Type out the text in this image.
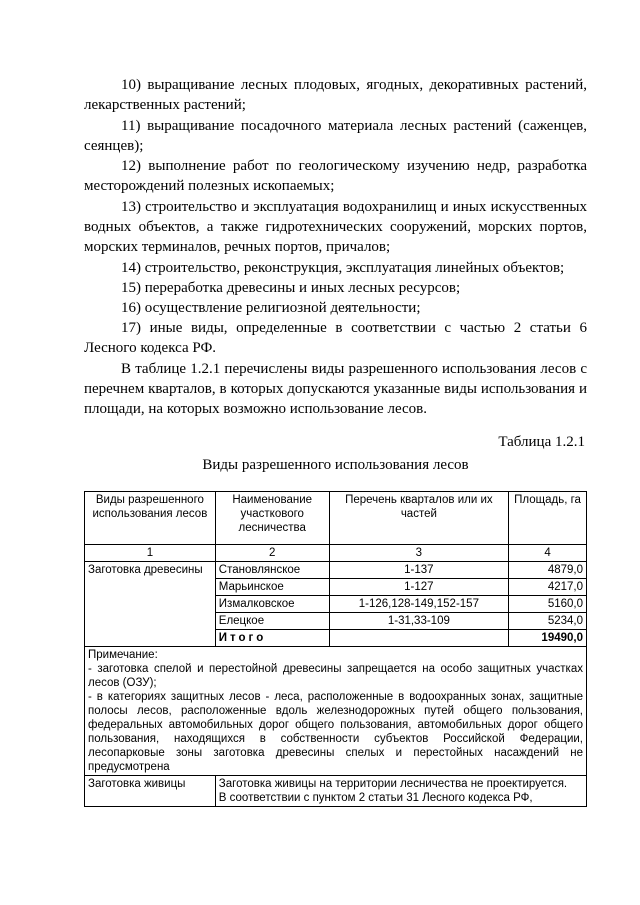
10) выращивание лесных плодовых, ягодных, декоративных растений, лекарственных растений;

11) выращивание посадочного материала лесных растений (саженцев, сеянцев);

12) выполнение работ по геологическому изучению недр, разработка месторождений полезных ископаемых;

13) строительство и эксплуатация водохранилищ и иных искусственных водных объектов, а также гидротехнических сооружений, морских портов, морских терминалов, речных портов, причалов;

14) строительство, реконструкция, эксплуатация линейных объектов;

15) переработка древесины и иных лесных ресурсов;

16) осуществление религиозной деятельности;

17) иные виды, определенные в соответствии с частью 2 статьи 6 Лесного кодекса РФ.

В таблице 1.2.1 перечислены виды разрешенного использования лесов с перечнем кварталов, в которых допускаются указанные виды использования и площади, на которых возможно использование лесов.

Таблица 1.2.1
Виды разрешенного использования лесов
Виды разрешенного использования лесов	Наименование участкового лесничества	Перечень кварталов или их частей	Площадь, га
1	2	3	4
Заготовка древесины	Становлянское	1-137	4879,0
	Марьинское	1-127	4217,0
	Измалковское	1-126,128-149,152-157	5160,0
	Елецкое	1-31,33-109	5234,0
	Итого		19490,0

Примечание:
- заготовка спелой и перестойной древесины запрещается на особо защитных участках лесов (ОЗУ);
- в категориях защитных лесов - леса, расположенные в водоохранных зонах, защитные полосы лесов, расположенные вдоль железнодорожных путей общего пользования, федеральных автомобильных дорог общего пользования, автомобильных дорог общего пользования, находящихся в собственности субъектов Российской Федерации, лесопарковые зоны заготовка древесины спелых и перестойных насаждений не предусмотрена			

Заготовка живицы	Заготовка живицы на территории лесничества не проектируется.
В соответствии с пунктом 2 статьи 31 Лесного кодекса РФ,		
